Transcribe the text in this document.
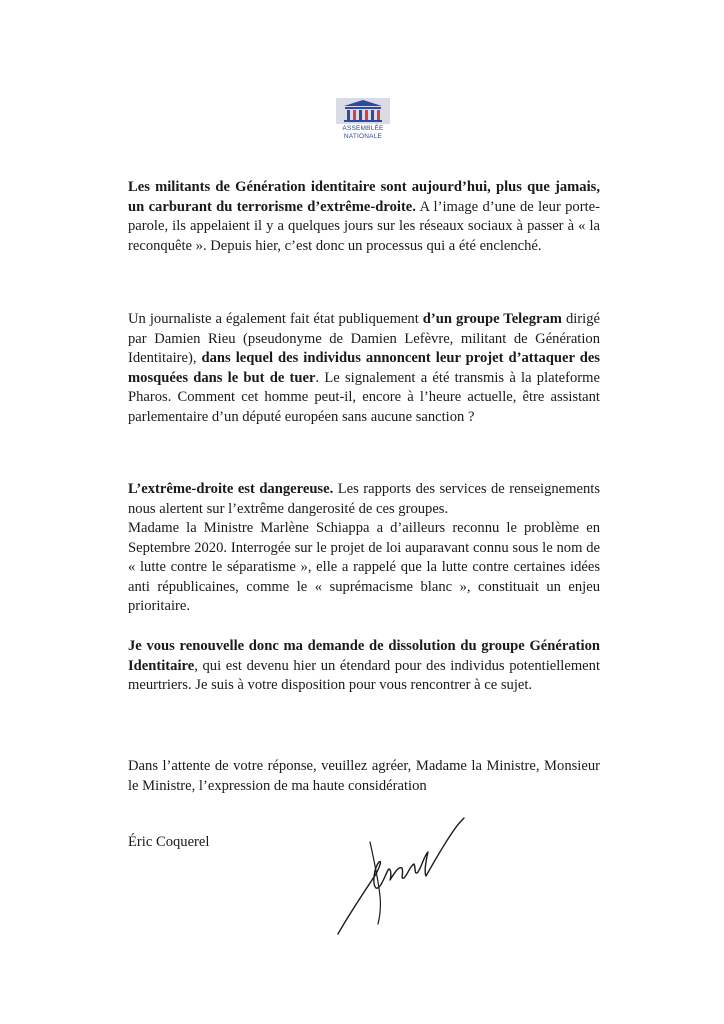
ASSEMBLÉE
NATIONALE

Les militants de Génération identitaire sont aujourd’hui, plus que jamais, un carburant du terrorisme d’extrême-droite. A l’image d’une de leur porte-parole, ils appelaient il y a quelques jours sur les réseaux sociaux à passer à « la reconquête ». Depuis hier, c’est donc un processus qui a été enclenché.

Un journaliste a également fait état publiquement d’un groupe Telegram dirigé par Damien Rieu (pseudonyme de Damien Lefèvre, militant de Génération Identitaire), dans lequel des individus annoncent leur projet d’attaquer des mosquées dans le but de tuer. Le signalement a été transmis à la plateforme Pharos. Comment cet homme peut-il, encore à l’heure actuelle, être assistant parlementaire d’un député européen sans aucune sanction ?

L’extrême-droite est dangereuse. Les rapports des services de renseignements nous alertent sur l’extrême dangerosité de ces groupes.

Madame la Ministre Marlène Schiappa a d’ailleurs reconnu le problème en Septembre 2020. Interrogée sur le projet de loi auparavant connu sous le nom de « lutte contre le séparatisme », elle a rappelé que la lutte contre certaines idées anti républicaines, comme le « suprémacisme blanc », constituait un enjeu prioritaire.

Je vous renouvelle donc ma demande de dissolution du groupe Génération Identitaire, qui est devenu hier un étendard pour des individus potentiellement meurtriers. Je suis à votre disposition pour vous rencontrer à ce sujet.

Dans l’attente de votre réponse, veuillez agréer, Madame la Ministre, Monsieur le Ministre, l’expression de ma haute considération

Éric Coquerel
